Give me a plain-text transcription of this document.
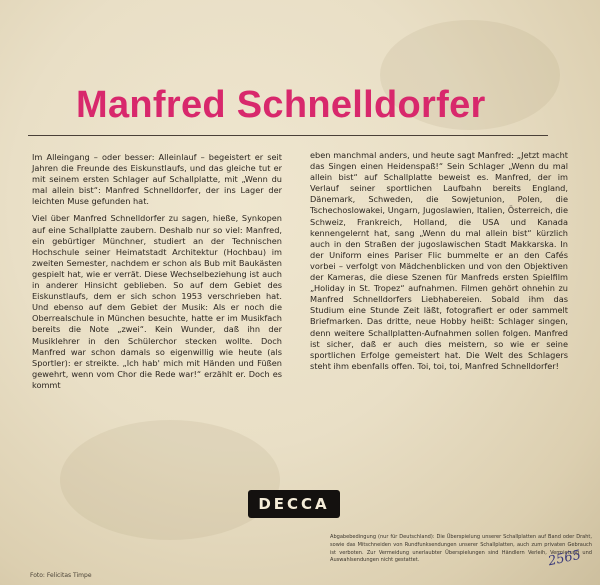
Manfred Schnelldorfer

Im Alleingang – oder besser: Alleinlauf – begeistert er seit Jahren die Freunde des Eiskunstlaufs, und das gleiche tut er mit seinem ersten Schlager auf Schallplatte, mit „Wenn du mal allein bist“: Manfred Schnelldorfer, der ins Lager der leichten Muse gefunden hat.

Viel über Manfred Schnelldorfer zu sagen, hieße, Synkopen auf eine Schallplatte zaubern. Deshalb nur so viel: Manfred, ein gebürtiger Münchner, studiert an der Technischen Hochschule seiner Heimatstadt Architektur (Hochbau) im zweiten Semester, nachdem er schon als Bub mit Baukästen gespielt hat, wie er verrät. Diese Wechselbeziehung ist auch in anderer Hinsicht geblieben. So auf dem Gebiet des Eiskunstlaufs, dem er sich schon 1953 verschrieben hat. Und ebenso auf dem Gebiet der Musik: Als er noch die Oberrealschule in München besuchte, hatte er im Musikfach bereits die Note „zwei“. Kein Wunder, daß ihn der Musiklehrer in den Schülerchor stecken wollte. Doch Manfred war schon damals so eigenwillig wie heute (als Sportler): er streikte. „Ich hab' mich mit Händen und Füßen gewehrt, wenn vom Chor die Rede war!“ erzählt er. Doch es kommt

eben manchmal anders, und heute sagt Manfred: „Jetzt macht das Singen einen Heidenspaß!“ Sein Schlager „Wenn du mal allein bist“ auf Schallplatte beweist es. Manfred, der im Verlauf seiner sportlichen Laufbahn bereits England, Dänemark, Schweden, die Sowjetunion, Polen, die Tschechoslowakei, Ungarn, Jugoslawien, Italien, Österreich, die Schweiz, Frankreich, Holland, die USA und Kanada kennengelernt hat, sang „Wenn du mal allein bist“ kürzlich auch in den Straßen der jugoslawischen Stadt Makkarska. In der Uniform eines Pariser Flic bummelte er an den Cafés vorbei – verfolgt von Mädchenblicken und von den Objektiven der Kameras, die diese Szenen für Manfreds ersten Spielfilm „Holiday in St. Tropez“ aufnahmen. Filmen gehört ohnehin zu Manfred Schnelldorfers Liebhabereien. Sobald ihm das Studium eine Stunde Zeit läßt, fotografiert er oder sammelt Briefmarken. Das dritte, neue Hobby heißt: Schlager singen, denn weitere Schallplatten-Aufnahmen sollen folgen. Manfred ist sicher, daß er auch dies meistern, so wie er seine sportlichen Erfolge gemeistert hat. Die Welt des Schlagers steht ihm ebenfalls offen. Toi, toi, toi, Manfred Schnelldorfer!

DECCA

Abgabebedingung (nur für Deutschland): Die Überspielung unserer Schallplatten auf Band oder Draht, sowie das Mitschneiden von Rundfunksendungen unserer Schallplatten, auch zum privaten Gebrauch ist verboten. Zur Vermeidung unerlaubter Überspielungen sind Händlern Verleih, Vermietung und Auswahlsendungen nicht gestattet.

Foto: Felicitas Timpe
2565
